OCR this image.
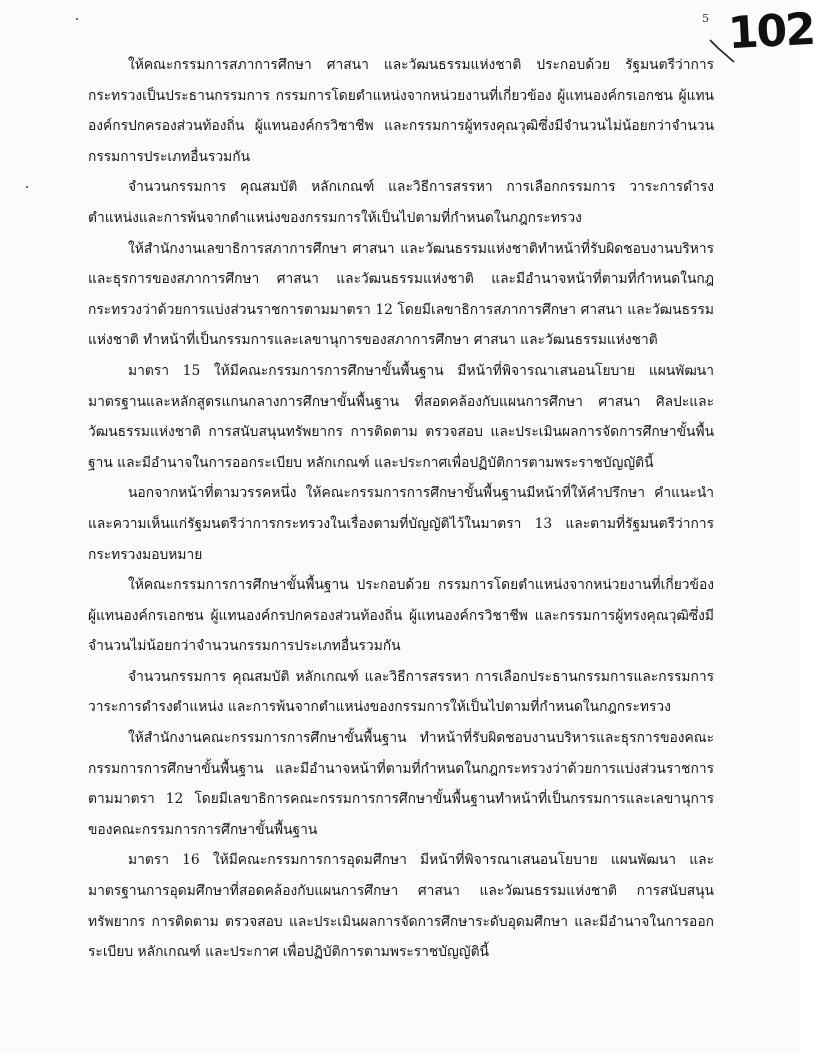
5 102

ให้คณะกรรมการสภาการศึกษา ศาสนา และวัฒนธรรมแห่งชาติ ประกอบด้วย รัฐมนตรีว่าการกระทรวงเป็นประธานกรรมการ กรรมการโดยตำแหน่งจากหน่วยงานที่เกี่ยวข้อง ผู้แทนองค์กรเอกชน ผู้แทนองค์กรปกครองส่วนท้องถิ่น ผู้แทนองค์กรวิชาชีพ และกรรมการผู้ทรงคุณวุฒิซึ่งมีจำนวนไม่น้อยกว่าจำนวนกรรมการประเภทอื่นรวมกัน

จำนวนกรรมการ คุณสมบัติ หลักเกณฑ์ และวิธีการสรรหา การเลือกกรรมการ วาระการดำรงตำแหน่งและการพ้นจากตำแหน่งของกรรมการให้เป็นไปตามที่กำหนดในกฎกระทรวง

ให้สำนักงานเลขาธิการสภาการศึกษา ศาสนา และวัฒนธรรมแห่งชาติทำหน้าที่รับผิดชอบงานบริหารและธุรการของสภาการศึกษา ศาสนา และวัฒนธรรมแห่งชาติ และมีอำนาจหน้าที่ตามที่กำหนดในกฎกระทรวงว่าด้วยการแบ่งส่วนราชการตามมาตรา 12 โดยมีเลขาธิการสภาการศึกษา ศาสนา และวัฒนธรรมแห่งชาติ ทำหน้าที่เป็นกรรมการและเลขานุการของสภาการศึกษา ศาสนา และวัฒนธรรมแห่งชาติ

มาตรา 15 ให้มีคณะกรรมการการศึกษาขั้นพื้นฐาน มีหน้าที่พิจารณาเสนอนโยบาย แผนพัฒนามาตรฐานและหลักสูตรแกนกลางการศึกษาขั้นพื้นฐาน ที่สอดคล้องกับแผนการศึกษา ศาสนา ศิลปะและวัฒนธรรมแห่งชาติ การสนับสนุนทรัพยากร การติดตาม ตรวจสอบ และประเมินผลการจัดการศึกษาขั้นพื้นฐาน และมีอำนาจในการออกระเบียบ หลักเกณฑ์ และประกาศเพื่อปฏิบัติการตามพระราชบัญญัตินี้

นอกจากหน้าที่ตามวรรคหนึ่ง ให้คณะกรรมการการศึกษาขั้นพื้นฐานมีหน้าที่ให้คำปรึกษา คำแนะนำ และความเห็นแก่รัฐมนตรีว่าการกระทรวงในเรื่องตามที่บัญญัติไว้ในมาตรา 13 และตามที่รัฐมนตรีว่าการกระทรวงมอบหมาย

ให้คณะกรรมการการศึกษาขั้นพื้นฐาน ประกอบด้วย กรรมการโดยตำแหน่งจากหน่วยงานที่เกี่ยวข้อง ผู้แทนองค์กรเอกชน ผู้แทนองค์กรปกครองส่วนท้องถิ่น ผู้แทนองค์กรวิชาชีพ และกรรมการผู้ทรงคุณวุฒิซึ่งมีจำนวนไม่น้อยกว่าจำนวนกรรมการประเภทอื่นรวมกัน

จำนวนกรรมการ คุณสมบัติ หลักเกณฑ์ และวิธีการสรรหา การเลือกประธานกรรมการและกรรมการ วาระการดำรงตำแหน่ง และการพ้นจากตำแหน่งของกรรมการให้เป็นไปตามที่กำหนดในกฎกระทรวง

ให้สำนักงานคณะกรรมการการศึกษาขั้นพื้นฐาน ทำหน้าที่รับผิดชอบงานบริหารและธุรการของคณะกรรมการการศึกษาขั้นพื้นฐาน และมีอำนาจหน้าที่ตามที่กำหนดในกฎกระทรวงว่าด้วยการแบ่งส่วนราชการตามมาตรา 12 โดยมีเลขาธิการคณะกรรมการการศึกษาขั้นพื้นฐานทำหน้าที่เป็นกรรมการและเลขานุการของคณะกรรมการการศึกษาขั้นพื้นฐาน

มาตรา 16 ให้มีคณะกรรมการการอุดมศึกษา มีหน้าที่พิจารณาเสนอนโยบาย แผนพัฒนา และมาตรฐานการอุดมศึกษาที่สอดคล้องกับแผนการศึกษา ศาสนา และวัฒนธรรมแห่งชาติ การสนับสนุนทรัพยากร การติดตาม ตรวจสอบ และประเมินผลการจัดการศึกษาระดับอุดมศึกษา และมีอำนาจในการออกระเบียบ หลักเกณฑ์ และประกาศ เพื่อปฏิบัติการตามพระราชบัญญัตินี้
